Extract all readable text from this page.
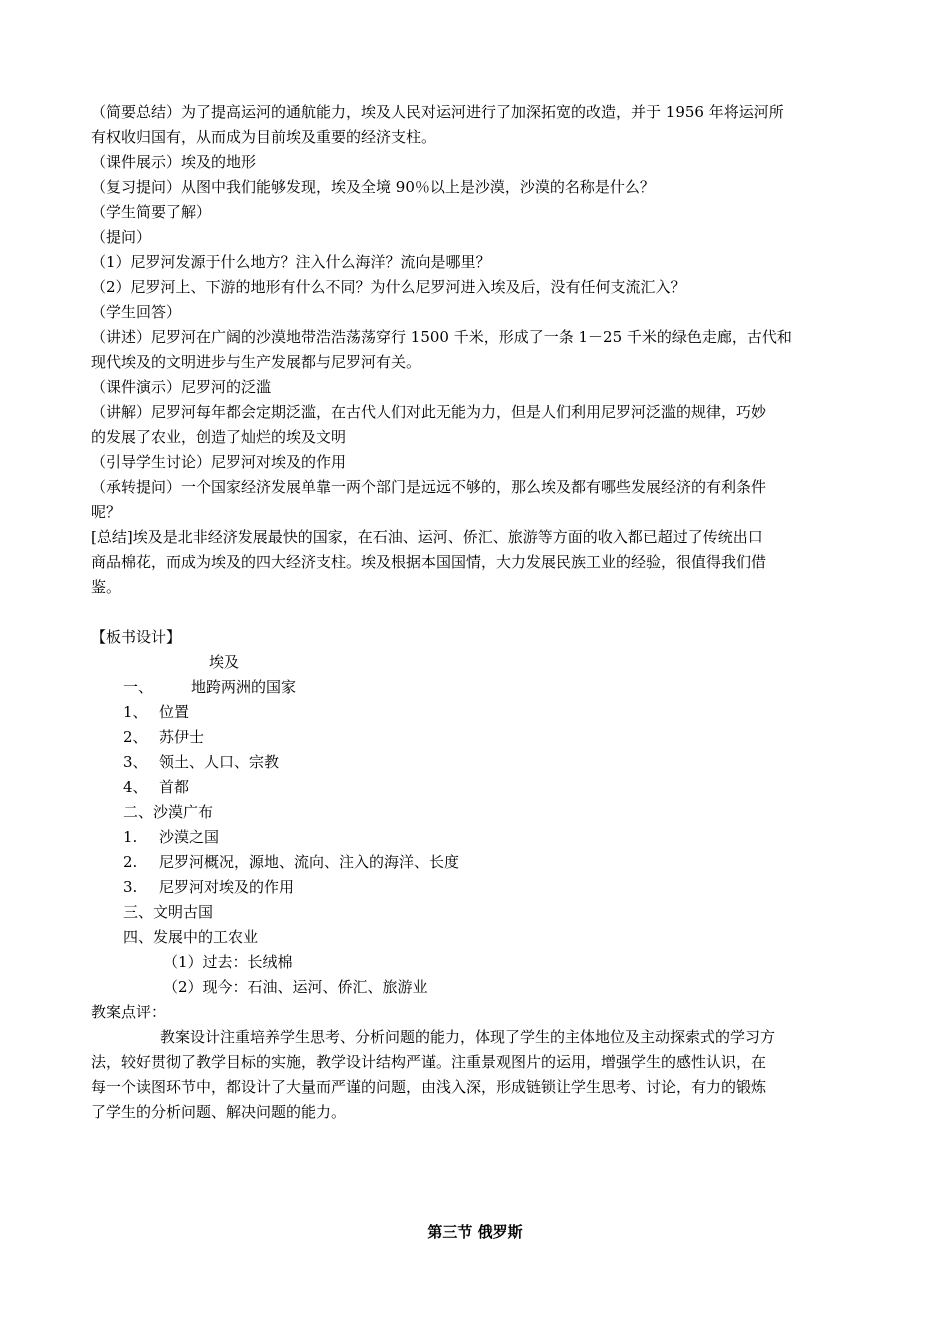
（简要总结）为了提高运河的通航能力，埃及人民对运河进行了加深拓宽的改造，并于 1956 年将运河所
有权收归国有，从而成为目前埃及重要的经济支柱。
（课件展示）埃及的地形
（复习提问）从图中我们能够发现，埃及全境 90％以上是沙漠，沙漠的名称是什么？
（学生简要了解）
（提问）
（1）尼罗河发源于什么地方？注入什么海洋？流向是哪里？
（2）尼罗河上、下游的地形有什么不同？为什么尼罗河进入埃及后，没有任何支流汇入？
（学生回答）
（讲述）尼罗河在广阔的沙漠地带浩浩荡荡穿行 1500 千米，形成了一条 1－25 千米的绿色走廊，古代和
现代埃及的文明进步与生产发展都与尼罗河有关。
（课件演示）尼罗河的泛滥
（讲解）尼罗河每年都会定期泛滥，在古代人们对此无能为力，但是人们利用尼罗河泛滥的规律，巧妙
的发展了农业，创造了灿烂的埃及文明
（引导学生讨论）尼罗河对埃及的作用
（承转提问）一个国家经济发展单靠一两个部门是远远不够的，那么埃及都有哪些发展经济的有利条件
呢？
[总结]埃及是北非经济发展最快的国家，在石油、运河、侨汇、旅游等方面的收入都已超过了传统出口
商品棉花，而成为埃及的四大经济支柱。埃及根据本国国情，大力发展民族工业的经验，很值得我们借
鉴。
【板书设计】
埃及
一、	地跨两洲的国家
1、 位置
2、 苏伊士
3、 领土、人口、宗教
4、 首都
二、沙漠广布
1. 沙漠之国
2. 尼罗河概况，源地、流向、注入的海洋、长度
3. 尼罗河对埃及的作用
三、文明古国
四、发展中的工农业
（1）过去：长绒棉
（2）现今：石油、运河、侨汇、旅游业
教案点评：
教案设计注重培养学生思考、分析问题的能力，体现了学生的主体地位及主动探索式的学习方
法，较好贯彻了教学目标的实施，教学设计结构严谨。注重景观图片的运用，增强学生的感性认识，在
每一个读图环节中，都设计了大量而严谨的问题，由浅入深，形成链锁让学生思考、讨论，有力的锻炼
了学生的分析问题、解决问题的能力。
第三节 俄罗斯
